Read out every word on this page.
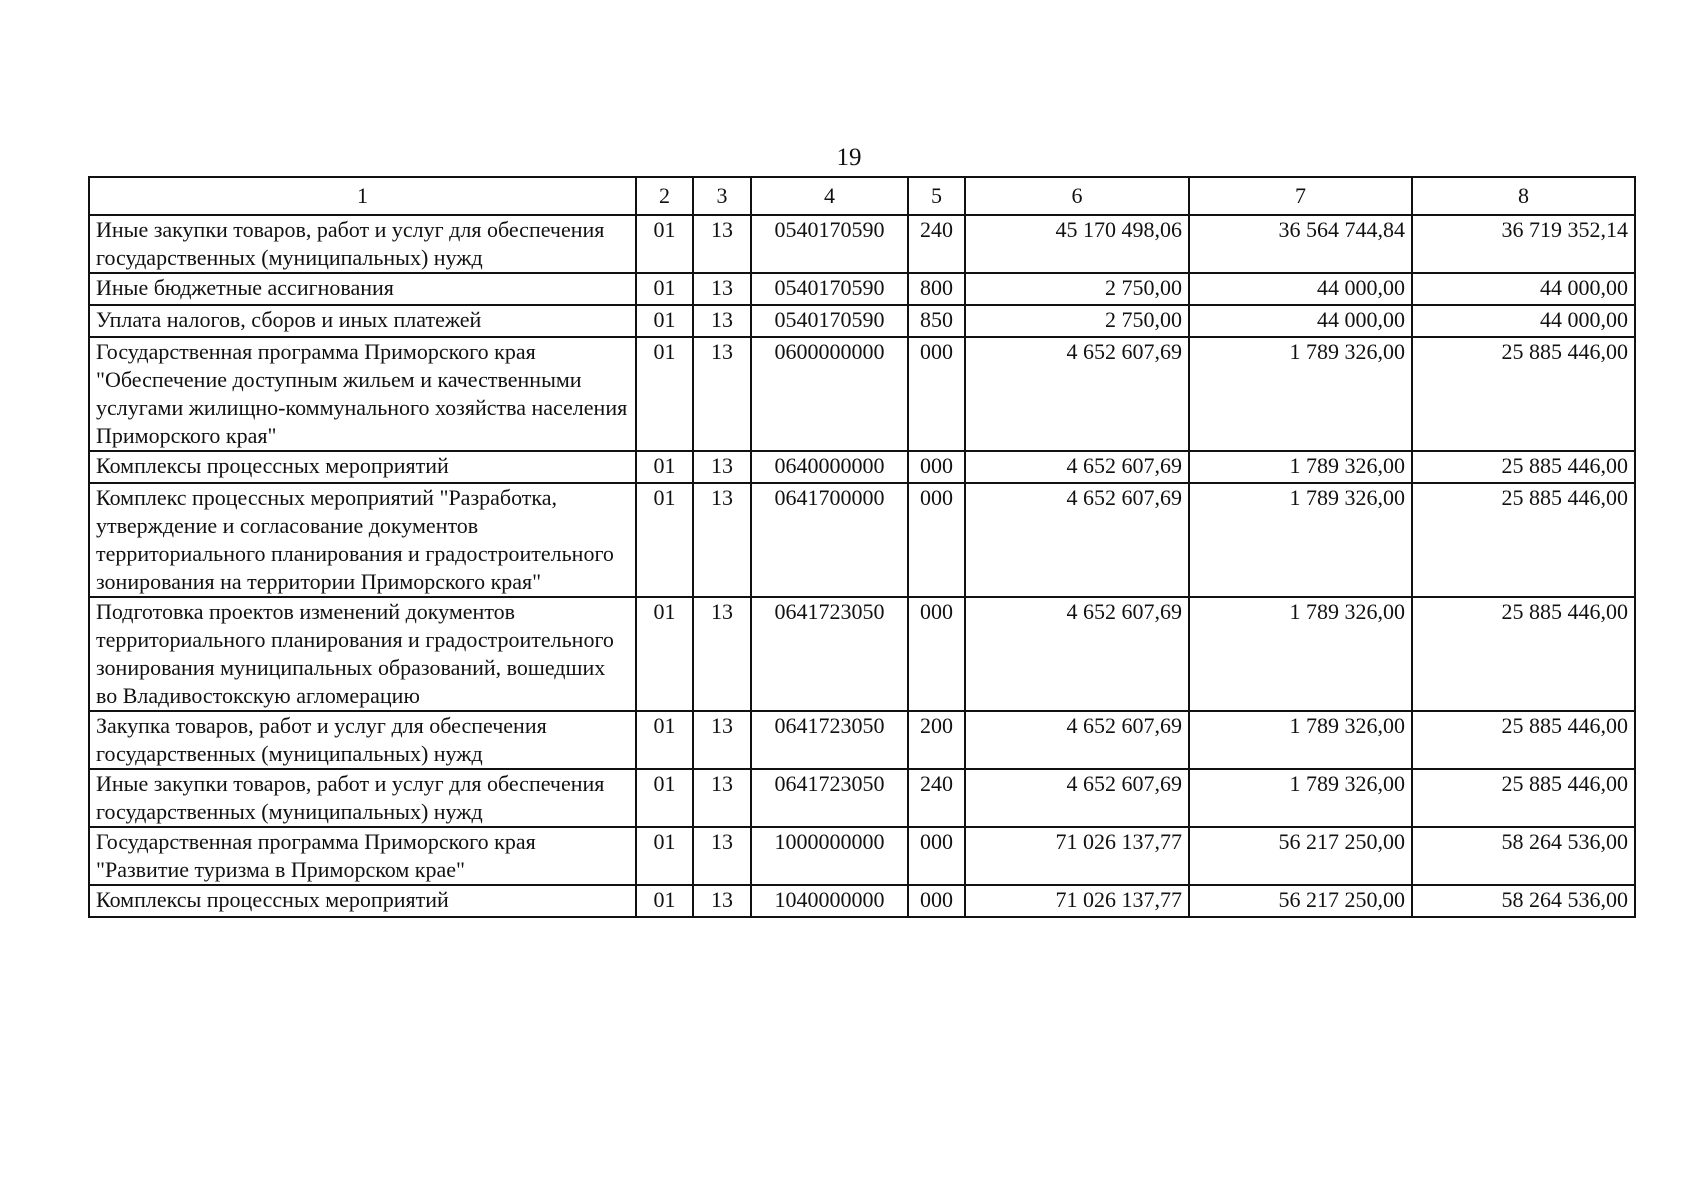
19
1	2	3	4	5	6	7	8
Иные закупки товаров, работ и услуг для обеспечения государственных (муниципальных) нужд	01	13	0540170590	240	45 170 498,06	36 564 744,84	36 719 352,14
Иные бюджетные ассигнования	01	13	0540170590	800	2 750,00	44 000,00	44 000,00
Уплата налогов, сборов и иных платежей	01	13	0540170590	850	2 750,00	44 000,00	44 000,00
Государственная программа Приморского края "Обеспечение доступным жильем и качественными услугами жилищно-коммунального хозяйства населения Приморского края"	01	13	0600000000	000	4 652 607,69	1 789 326,00	25 885 446,00
Комплексы процессных мероприятий	01	13	0640000000	000	4 652 607,69	1 789 326,00	25 885 446,00
Комплекс процессных мероприятий "Разработка, утверждение и согласование документов территориального планирования и градостроительного зонирования на территории Приморского края"	01	13	0641700000	000	4 652 607,69	1 789 326,00	25 885 446,00
Подготовка проектов изменений документов территориального планирования и градостроительного зонирования муниципальных образований, вошедших во Владивостокскую агломерацию	01	13	0641723050	000	4 652 607,69	1 789 326,00	25 885 446,00
Закупка товаров, работ и услуг для обеспечения государственных (муниципальных) нужд	01	13	0641723050	200	4 652 607,69	1 789 326,00	25 885 446,00
Иные закупки товаров, работ и услуг для обеспечения государственных (муниципальных) нужд	01	13	0641723050	240	4 652 607,69	1 789 326,00	25 885 446,00
Государственная программа Приморского края "Развитие туризма в Приморском крае"	01	13	1000000000	000	71 026 137,77	56 217 250,00	58 264 536,00
Комплексы процессных мероприятий	01	13	1040000000	000	71 026 137,77	56 217 250,00	58 264 536,00
